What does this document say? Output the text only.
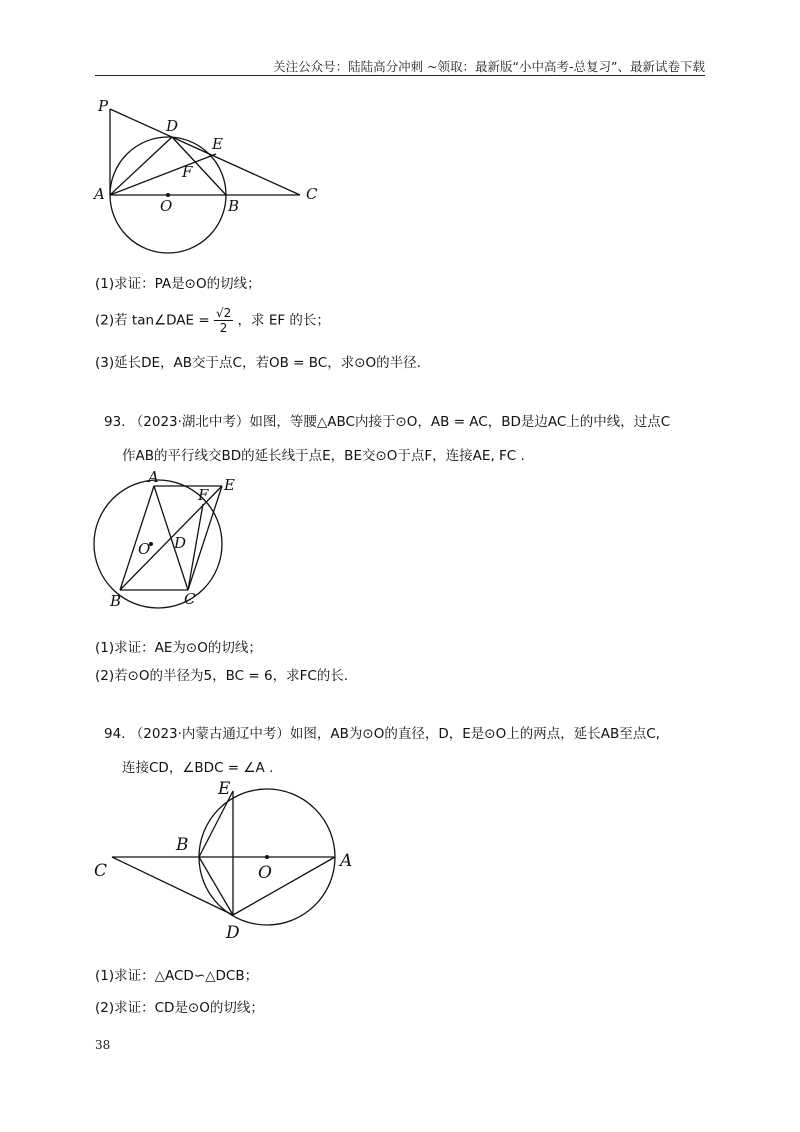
关注公众号：陆陆高分冲刺 ~领取：最新版“小中高考-总复习”、最新试卷下载
P
D
E
F
A
O	B
C
(1)求证：PA是⊙O的切线；
(2)若 tan∠DAE = $\frac{√2}{2}$ ，求 EF 的长；
(3)延长DE，AB交于点C，若OB = BC，求⊙O的半径.
93. （2023·湖北中考）如图，等腰△ABC内接于⊙O，AB = AC，BD是边AC上的中线，过点C
作AB的平行线交BD的延长线于点E，BE交⊙O于点F，连接AE, FC .
A	E
F
O D
B	C
(1)求证：AE为⊙O的切线；
(2)若⊙O的半径为5，BC = 6，求FC的长.
94. （2023·内蒙古通辽中考）如图，AB为⊙O的直径，D，E是⊙O上的两点，延长AB至点C,
连接CD，∠BDC = ∠A .
E
B
C	O
A
D
(1)求证：△ACD∽△DCB；
(2)求证：CD是⊙O的切线；
38
